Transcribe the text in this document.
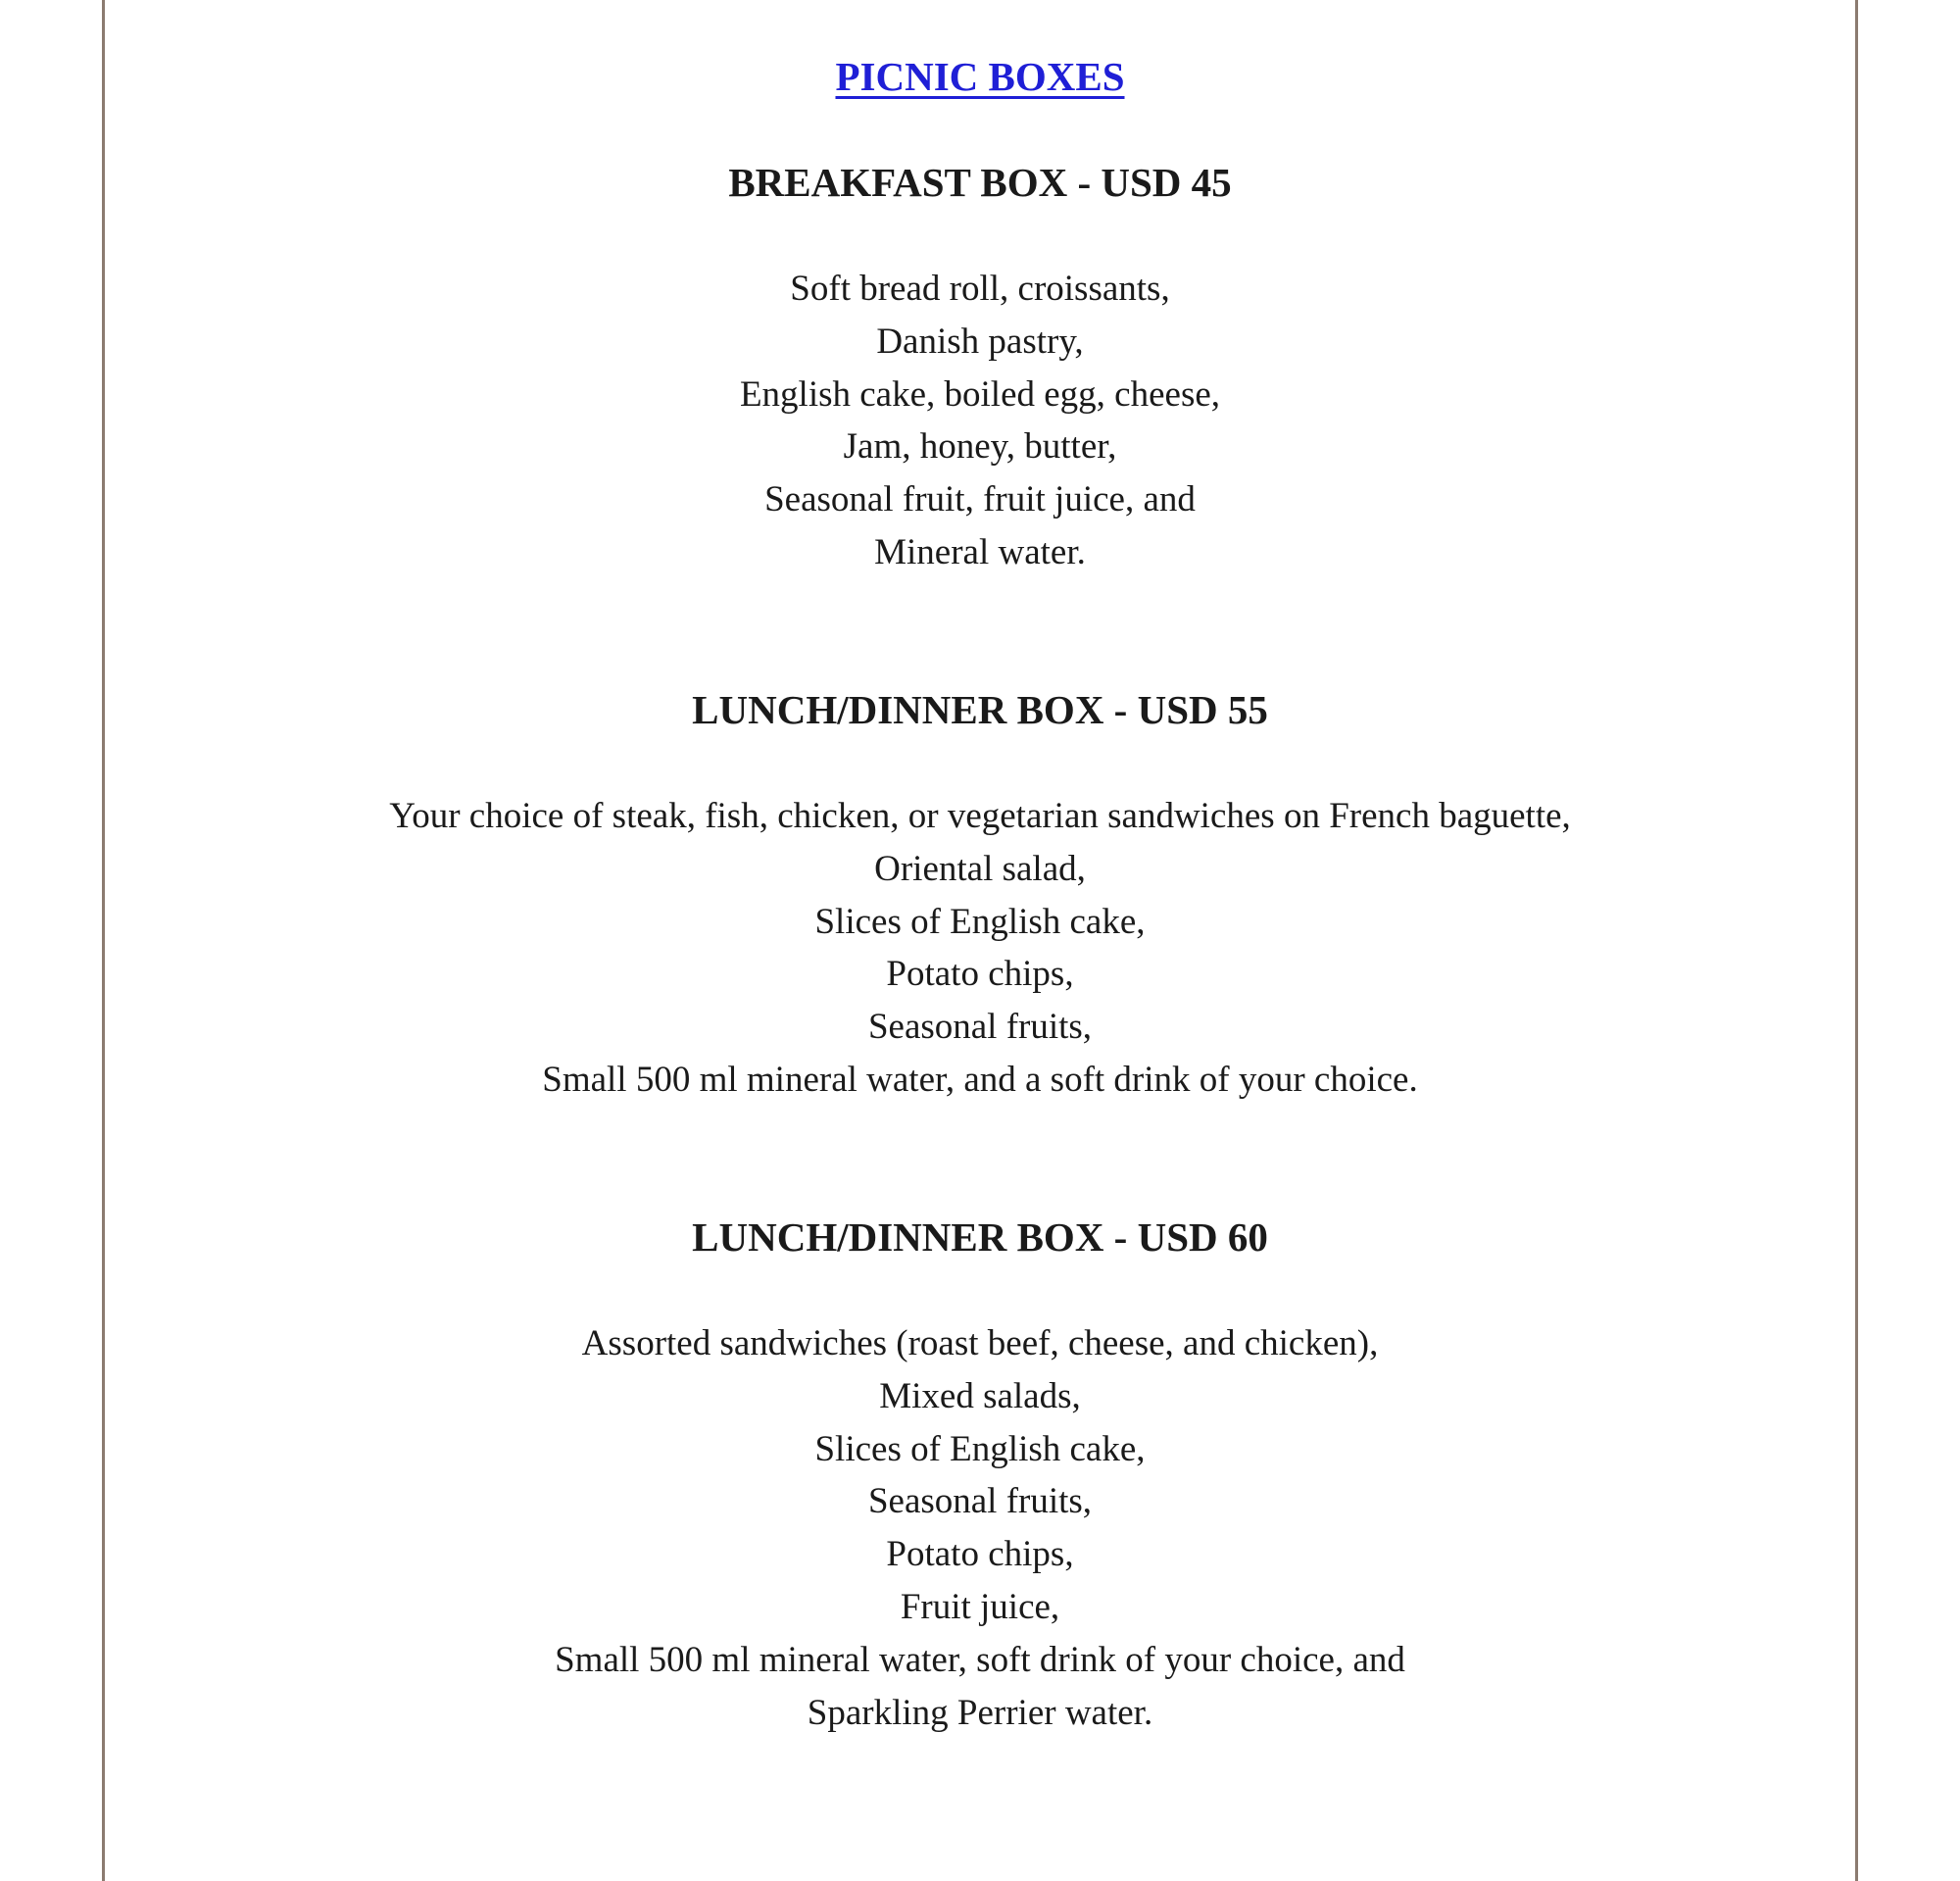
PICNIC BOXES
BREAKFAST BOX - USD 45
Soft bread roll, croissants,
Danish pastry,
English cake, boiled egg, cheese,
Jam, honey, butter,
Seasonal fruit, fruit juice, and
Mineral water.
LUNCH/DINNER BOX - USD 55
Your choice of steak, fish, chicken, or vegetarian sandwiches on French baguette,
Oriental salad,
Slices of English cake,
Potato chips,
Seasonal fruits,
Small 500 ml mineral water, and a soft drink of your choice.
LUNCH/DINNER BOX - USD 60
Assorted sandwiches (roast beef, cheese, and chicken),
Mixed salads,
Slices of English cake,
Seasonal fruits,
Potato chips,
Fruit juice,
Small 500 ml mineral water, soft drink of your choice, and
Sparkling Perrier water.
